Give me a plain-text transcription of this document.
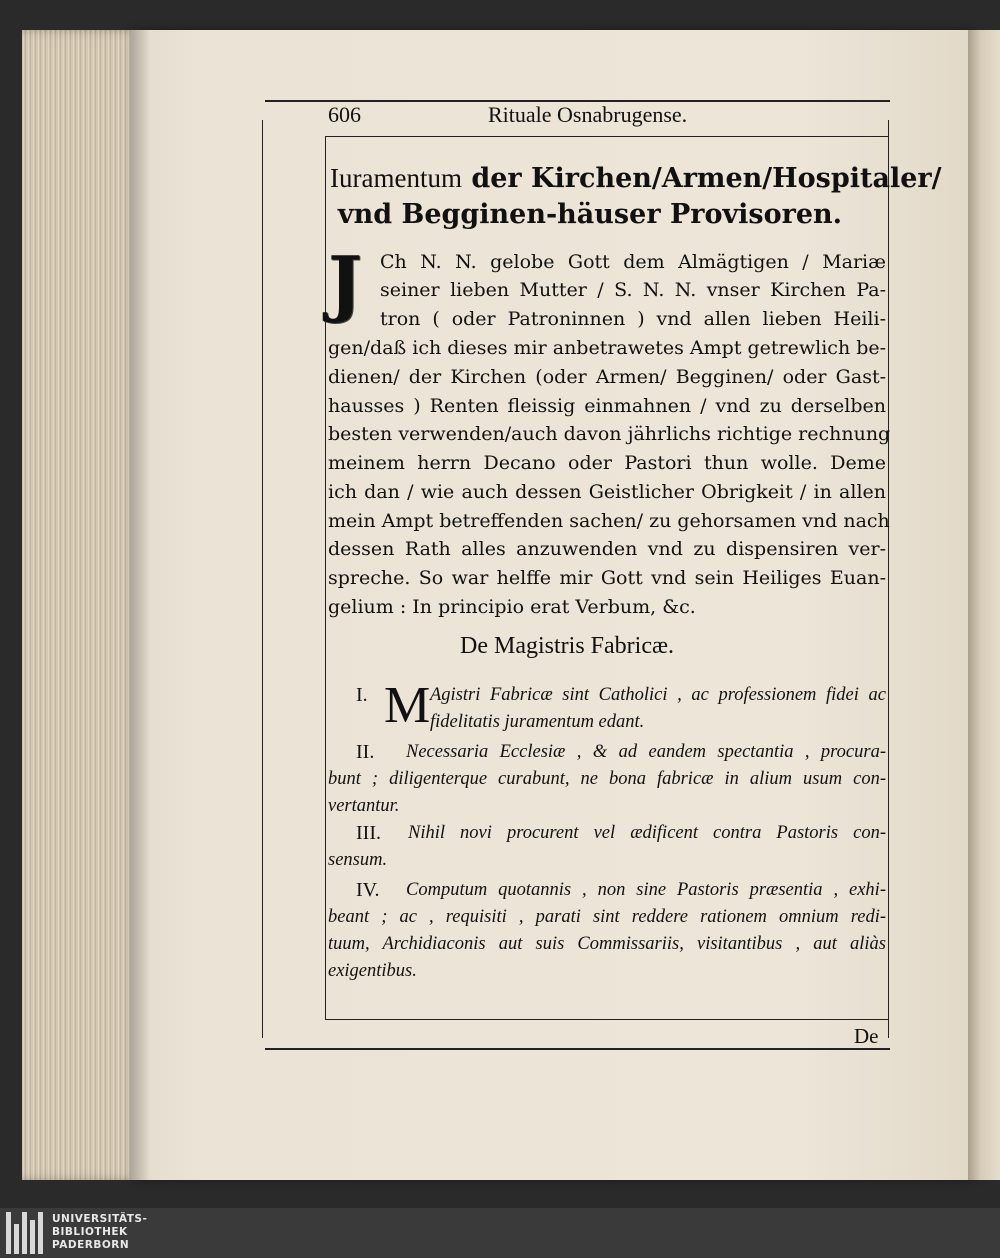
606	Rituale Osnabrugense.
Iuramentum der Kirchen/Armen/Hospitaler/
vnd Begginen-häuser Provisoren.
J Ch N. N. gelobe Gott dem Almägtigen / Mariæ
seiner lieben Mutter / S. N. N. vnser Kirchen Pa-
tron ( oder Patroninnen ) vnd allen lieben Heili-
gen/daß ich dieses mir anbetrawetes Ampt getrewlich be-
dienen/ der Kirchen (oder Armen/ Begginen/ oder Gast-
hausses ) Renten fleissig einmahnen / vnd zu derselben
besten verwenden/auch davon jährlichs richtige rechnung
meinem herrn Decano oder Pastori thun wolle. Deme
ich dan / wie auch dessen Geistlicher Obrigkeit / in allen
mein Ampt betreffenden sachen/ zu gehorsamen vnd nach
dessen Rath alles anzuwenden vnd zu dispensiren ver-
spreche. So war helffe mir Gott vnd sein Heiliges Euan-
gelium : In principio erat Verbum, &c.
De Magistris Fabricæ.
I. M Agistri Fabricæ sint Catholici , ac professionem fidei ac
fidelitatis juramentum edant.
II. Necessaria Ecclesiæ , & ad eandem spectantia , procura-
bunt ; diligenterque curabunt, ne bona fabricæ in alium usum con-
vertantur.
III. Nihil novi procurent vel ædificent contra Pastoris con-
sensum.
IV. Computum quotannis , non sine Pastoris præsentia , exhi-
beant ; ac , requisiti , parati sint reddere rationem omnium redi-
tuum, Archidiaconis aut suis Commissariis, visitantibus , aut aliàs
exigentibus.
De
UNIVERSITÄTS-
BIBLIOTHEK
PADERBORN
